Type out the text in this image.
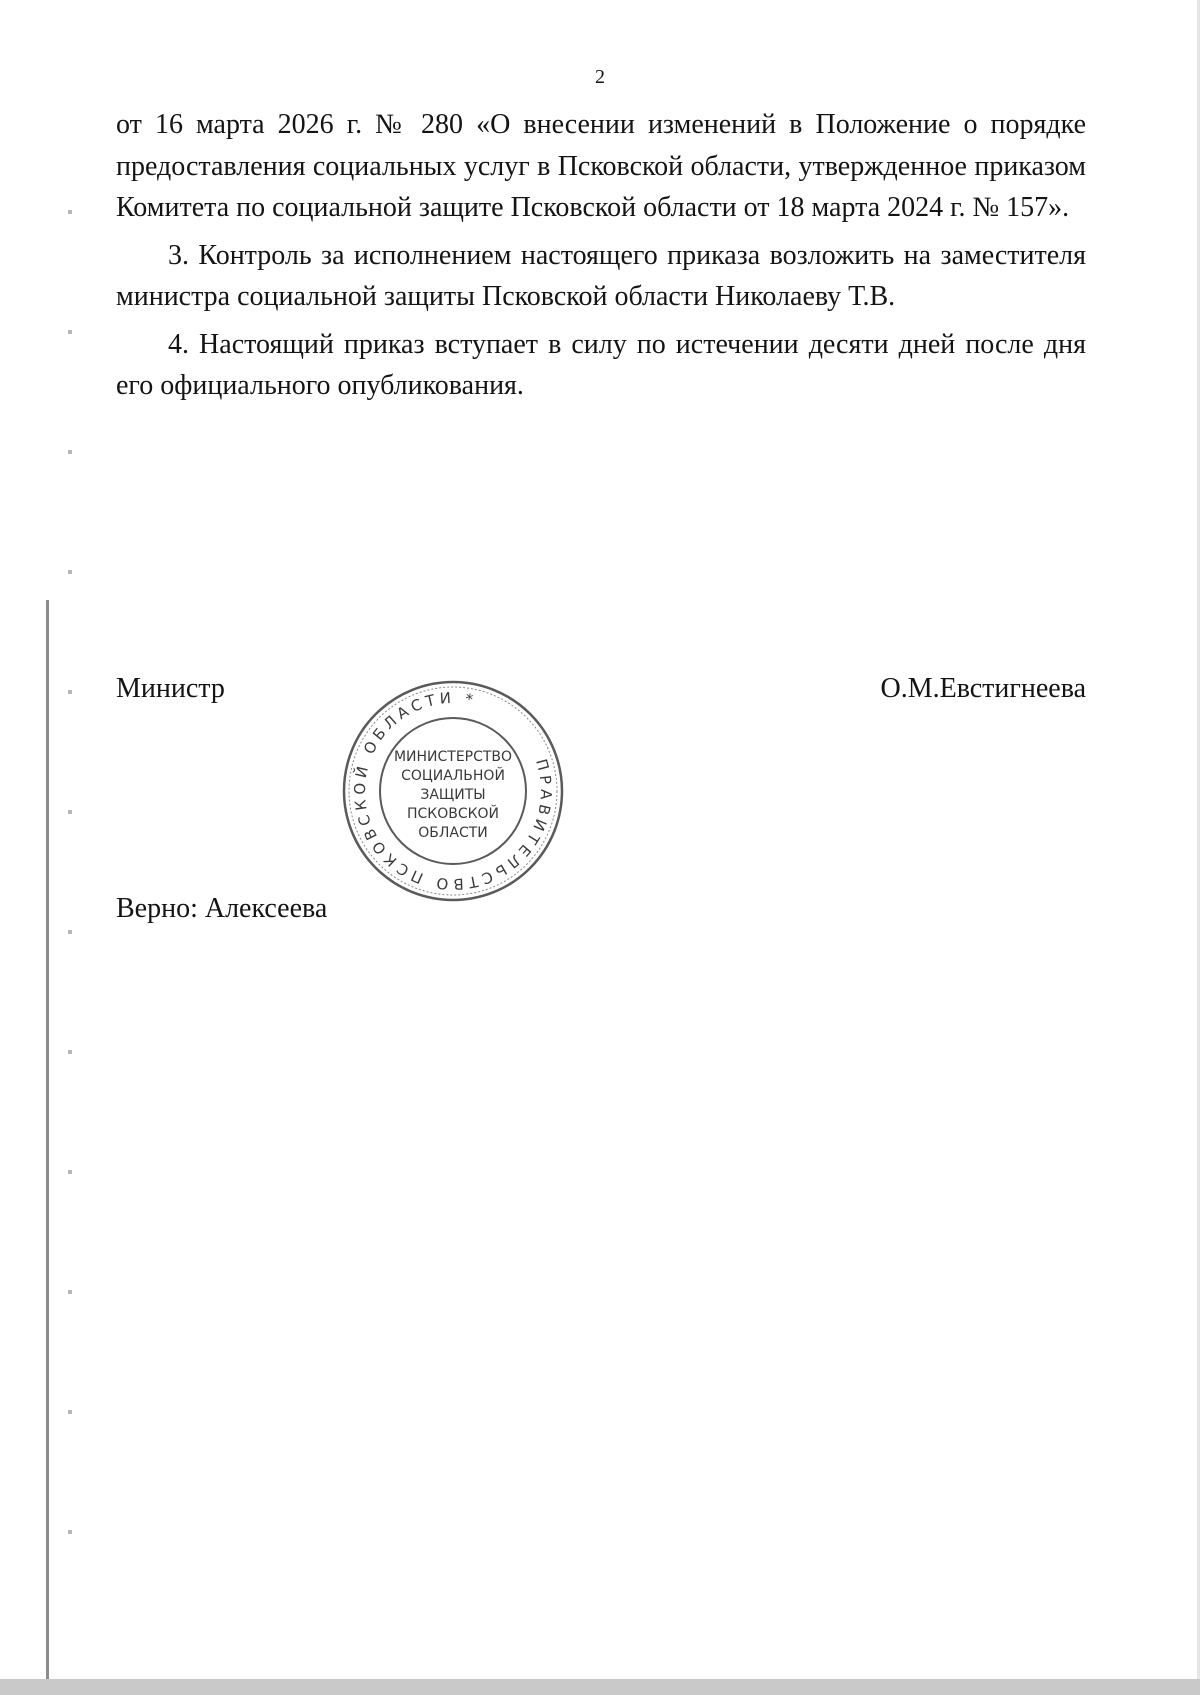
2

от 16 марта 2026 г. № 280 «О внесении изменений в Положение о порядке предоставления социальных услуг в Псковской области, утвержденное приказом Комитета по социальной защите Псковской области от 18 марта 2024 г. № 157».

3. Контроль за исполнением настоящего приказа возложить на заместителя министра социальной защиты Псковской области Николаеву Т.В.

4. Настоящий приказ вступает в силу по истечении десяти дней после дня его официального опубликования.

Министр	О.М.Евстигнеева
ПРАВИТЕЛЬСТВО ПСКОВСКОЙ ОБЛАСТИ *
МИНИСТЕРСТВО
СОЦИАЛЬНОЙ
ЗАЩИТЫ
ПСКОВСКОЙ
ОБЛАСТИ
Верно: Алексеева
